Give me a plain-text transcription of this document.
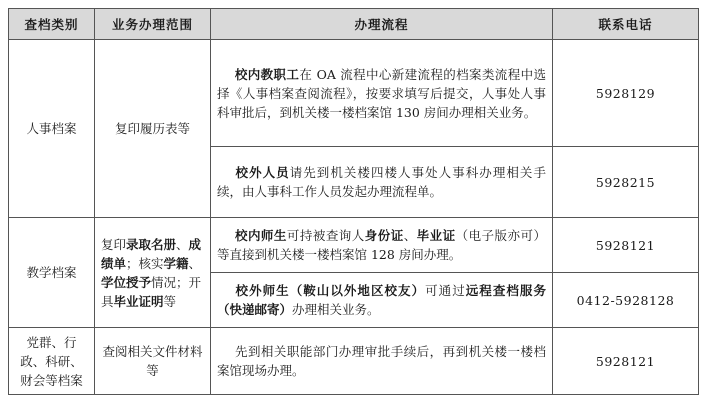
查档类别	业务办理范围	办理流程	联系电话
人事档案	复印履历表等	校内教职工在 OA 流程中心新建流程的档案类流程中选择《人事档案查阅流程》，按要求填写后提交，人事处人事科审批后，到机关楼一楼档案馆 130 房间办理相关业务。	5928129
		校外人员请先到机关楼四楼人事处人事科办理相关手续，由人事科工作人员发起办理流程单。	5928215
教学档案	复印录取名册、成绩单；核实学籍、学位授予情况；开具毕业证明等	校内师生可持被查询人身份证、毕业证（电子版亦可）等直接到机关楼一楼档案馆 128 房间办理。	5928121
		校外师生（鞍山以外地区校友）可通过远程查档服务（快递邮寄）办理相关业务。	0412-5928128
党群、行政、科研、财会等档案	查阅相关文件材料等	先到相关职能部门办理审批手续后，再到机关楼一楼档案馆现场办理。	5928121
